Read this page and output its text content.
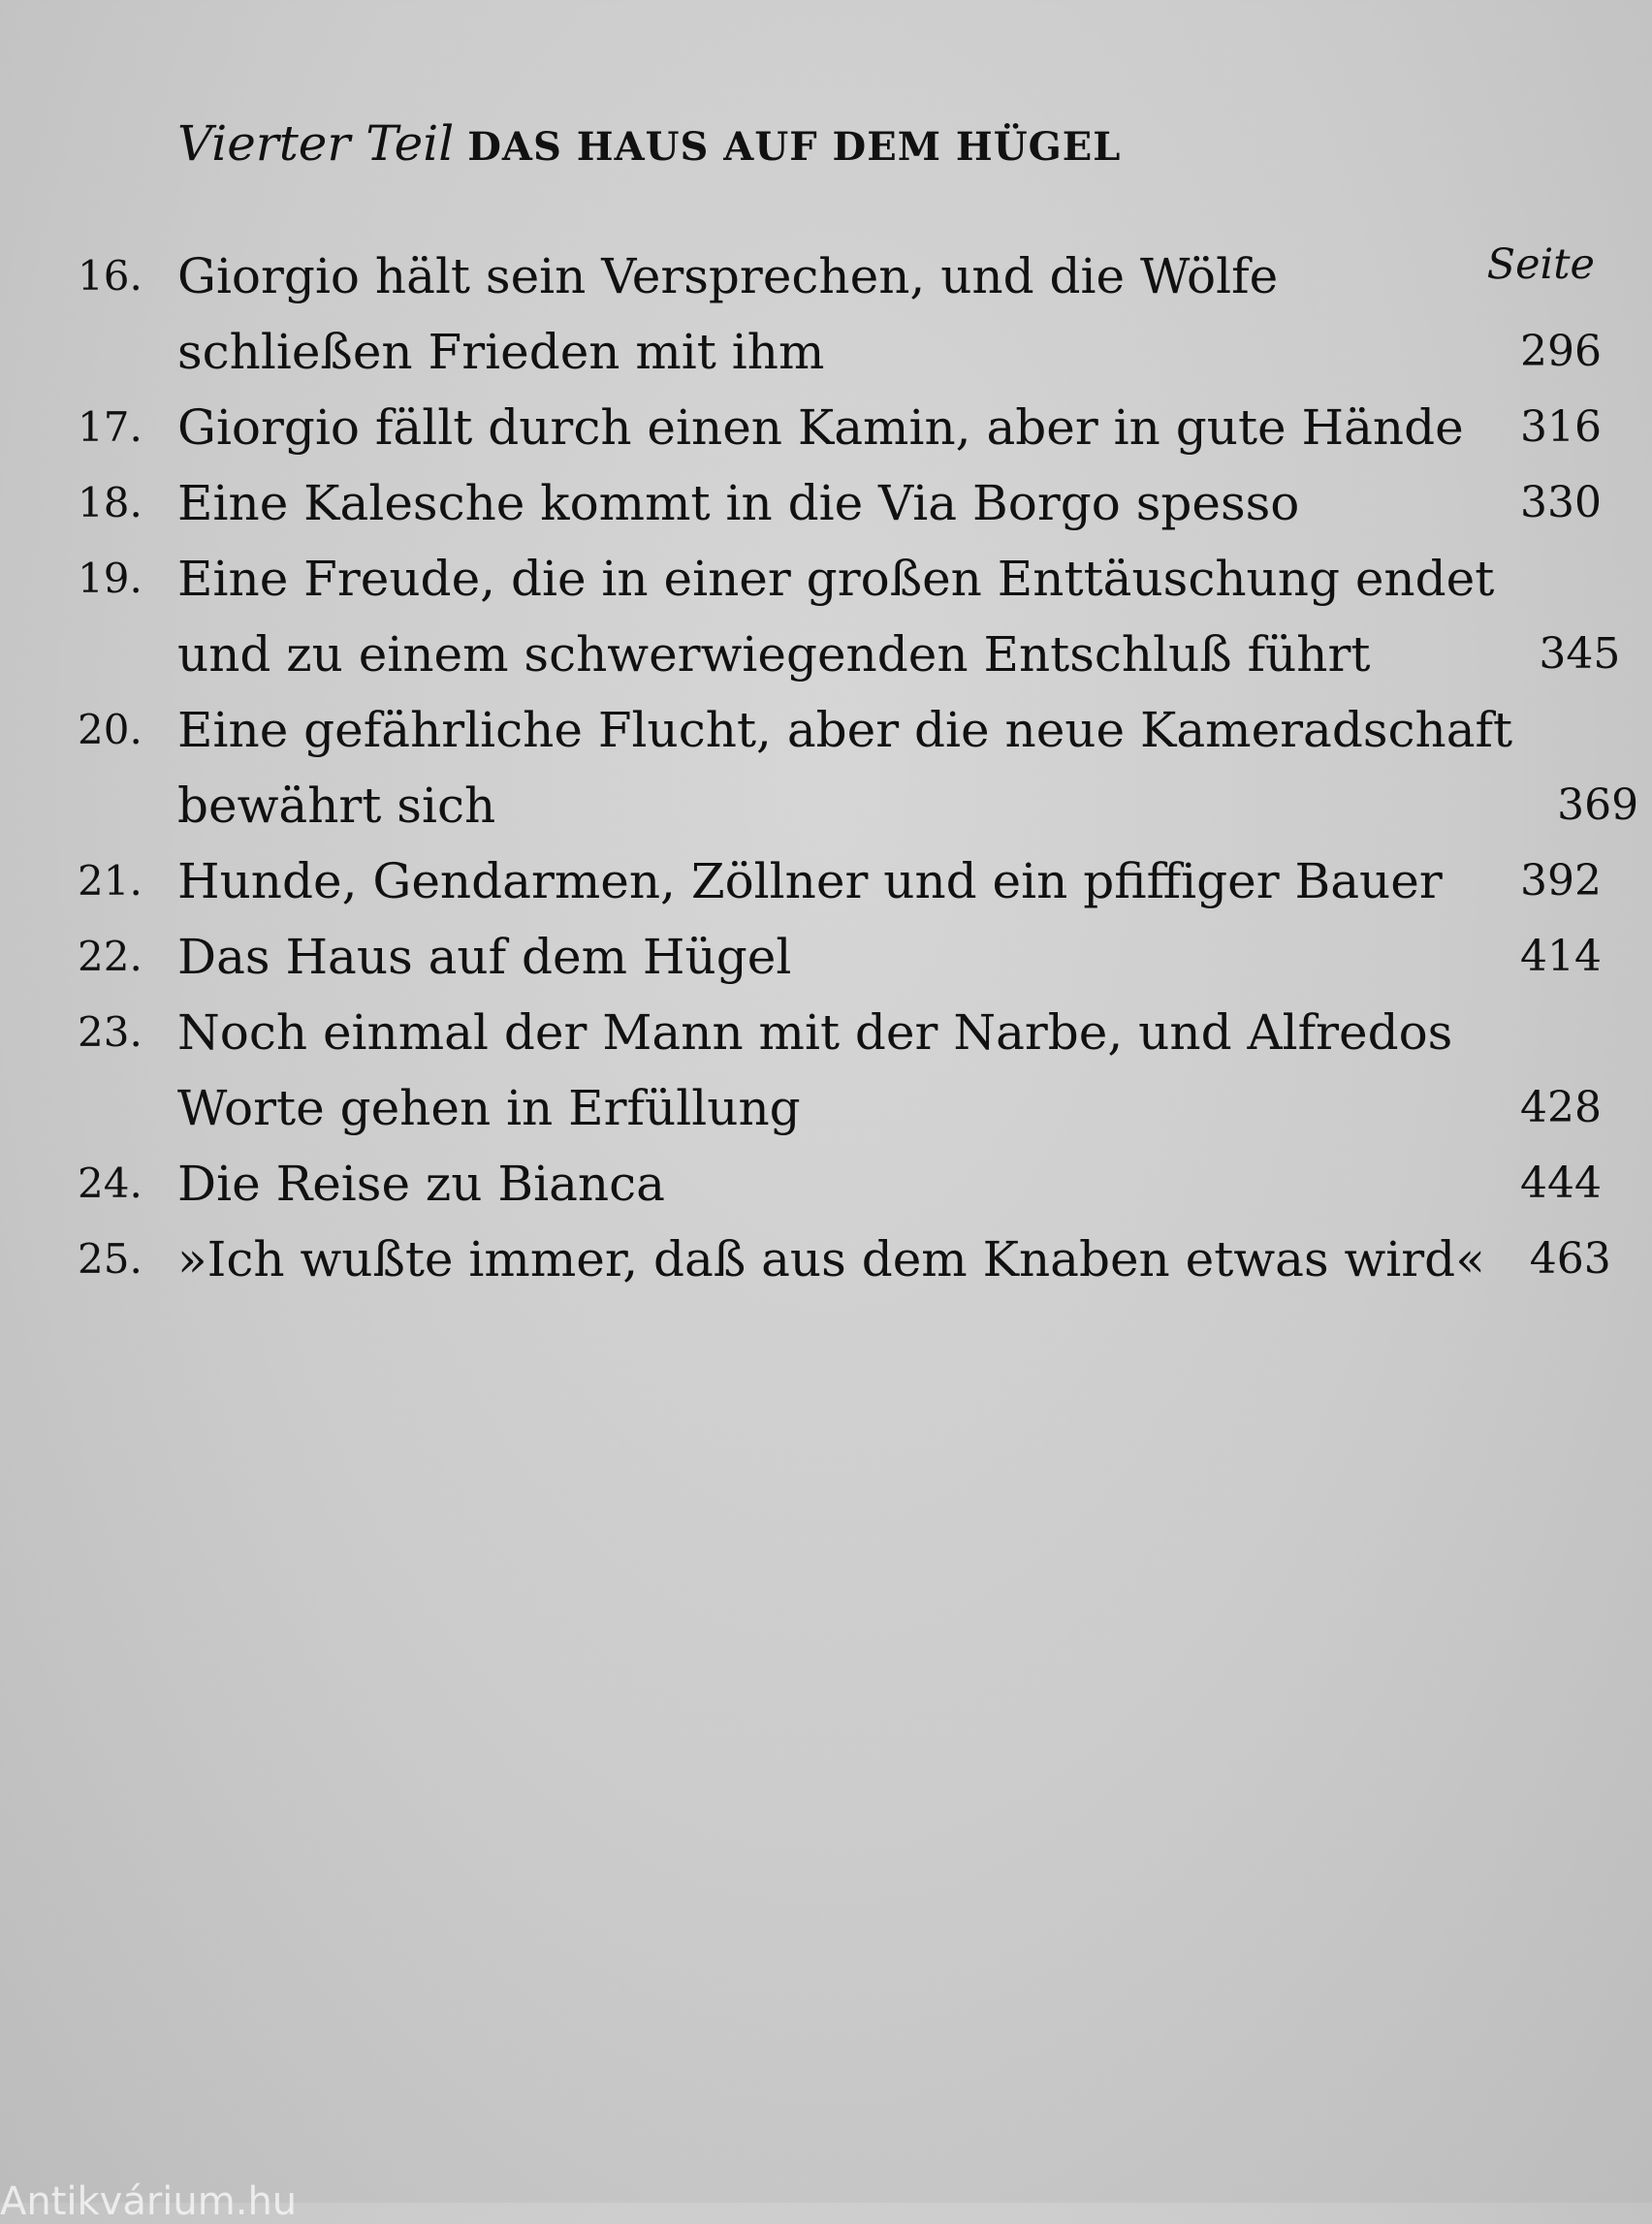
Vierter Teil DAS HAUS AUF DEM HÜGEL
Seite
16. Giorgio hält sein Versprechen, und die Wölfe
schließen Frieden mit ihm	296
17. Giorgio fällt durch einen Kamin, aber in gute Hände	316
18. Eine Kalesche kommt in die Via Borgo spesso	330
19. Eine Freude, die in einer großen Enttäuschung endet
und zu einem schwerwiegenden Entschluß führt	345
20. Eine gefährliche Flucht, aber die neue Kameradschaft
bewährt sich	369
21. Hunde, Gendarmen, Zöllner und ein pfiffiger Bauer	392
22. Das Haus auf dem Hügel	414
23. Noch einmal der Mann mit der Narbe, und Alfredos
Worte gehen in Erfüllung	428
24. Die Reise zu Bianca	444
25. »Ich wußte immer, daß aus dem Knaben etwas wird«	463
Antikvárium.hu
